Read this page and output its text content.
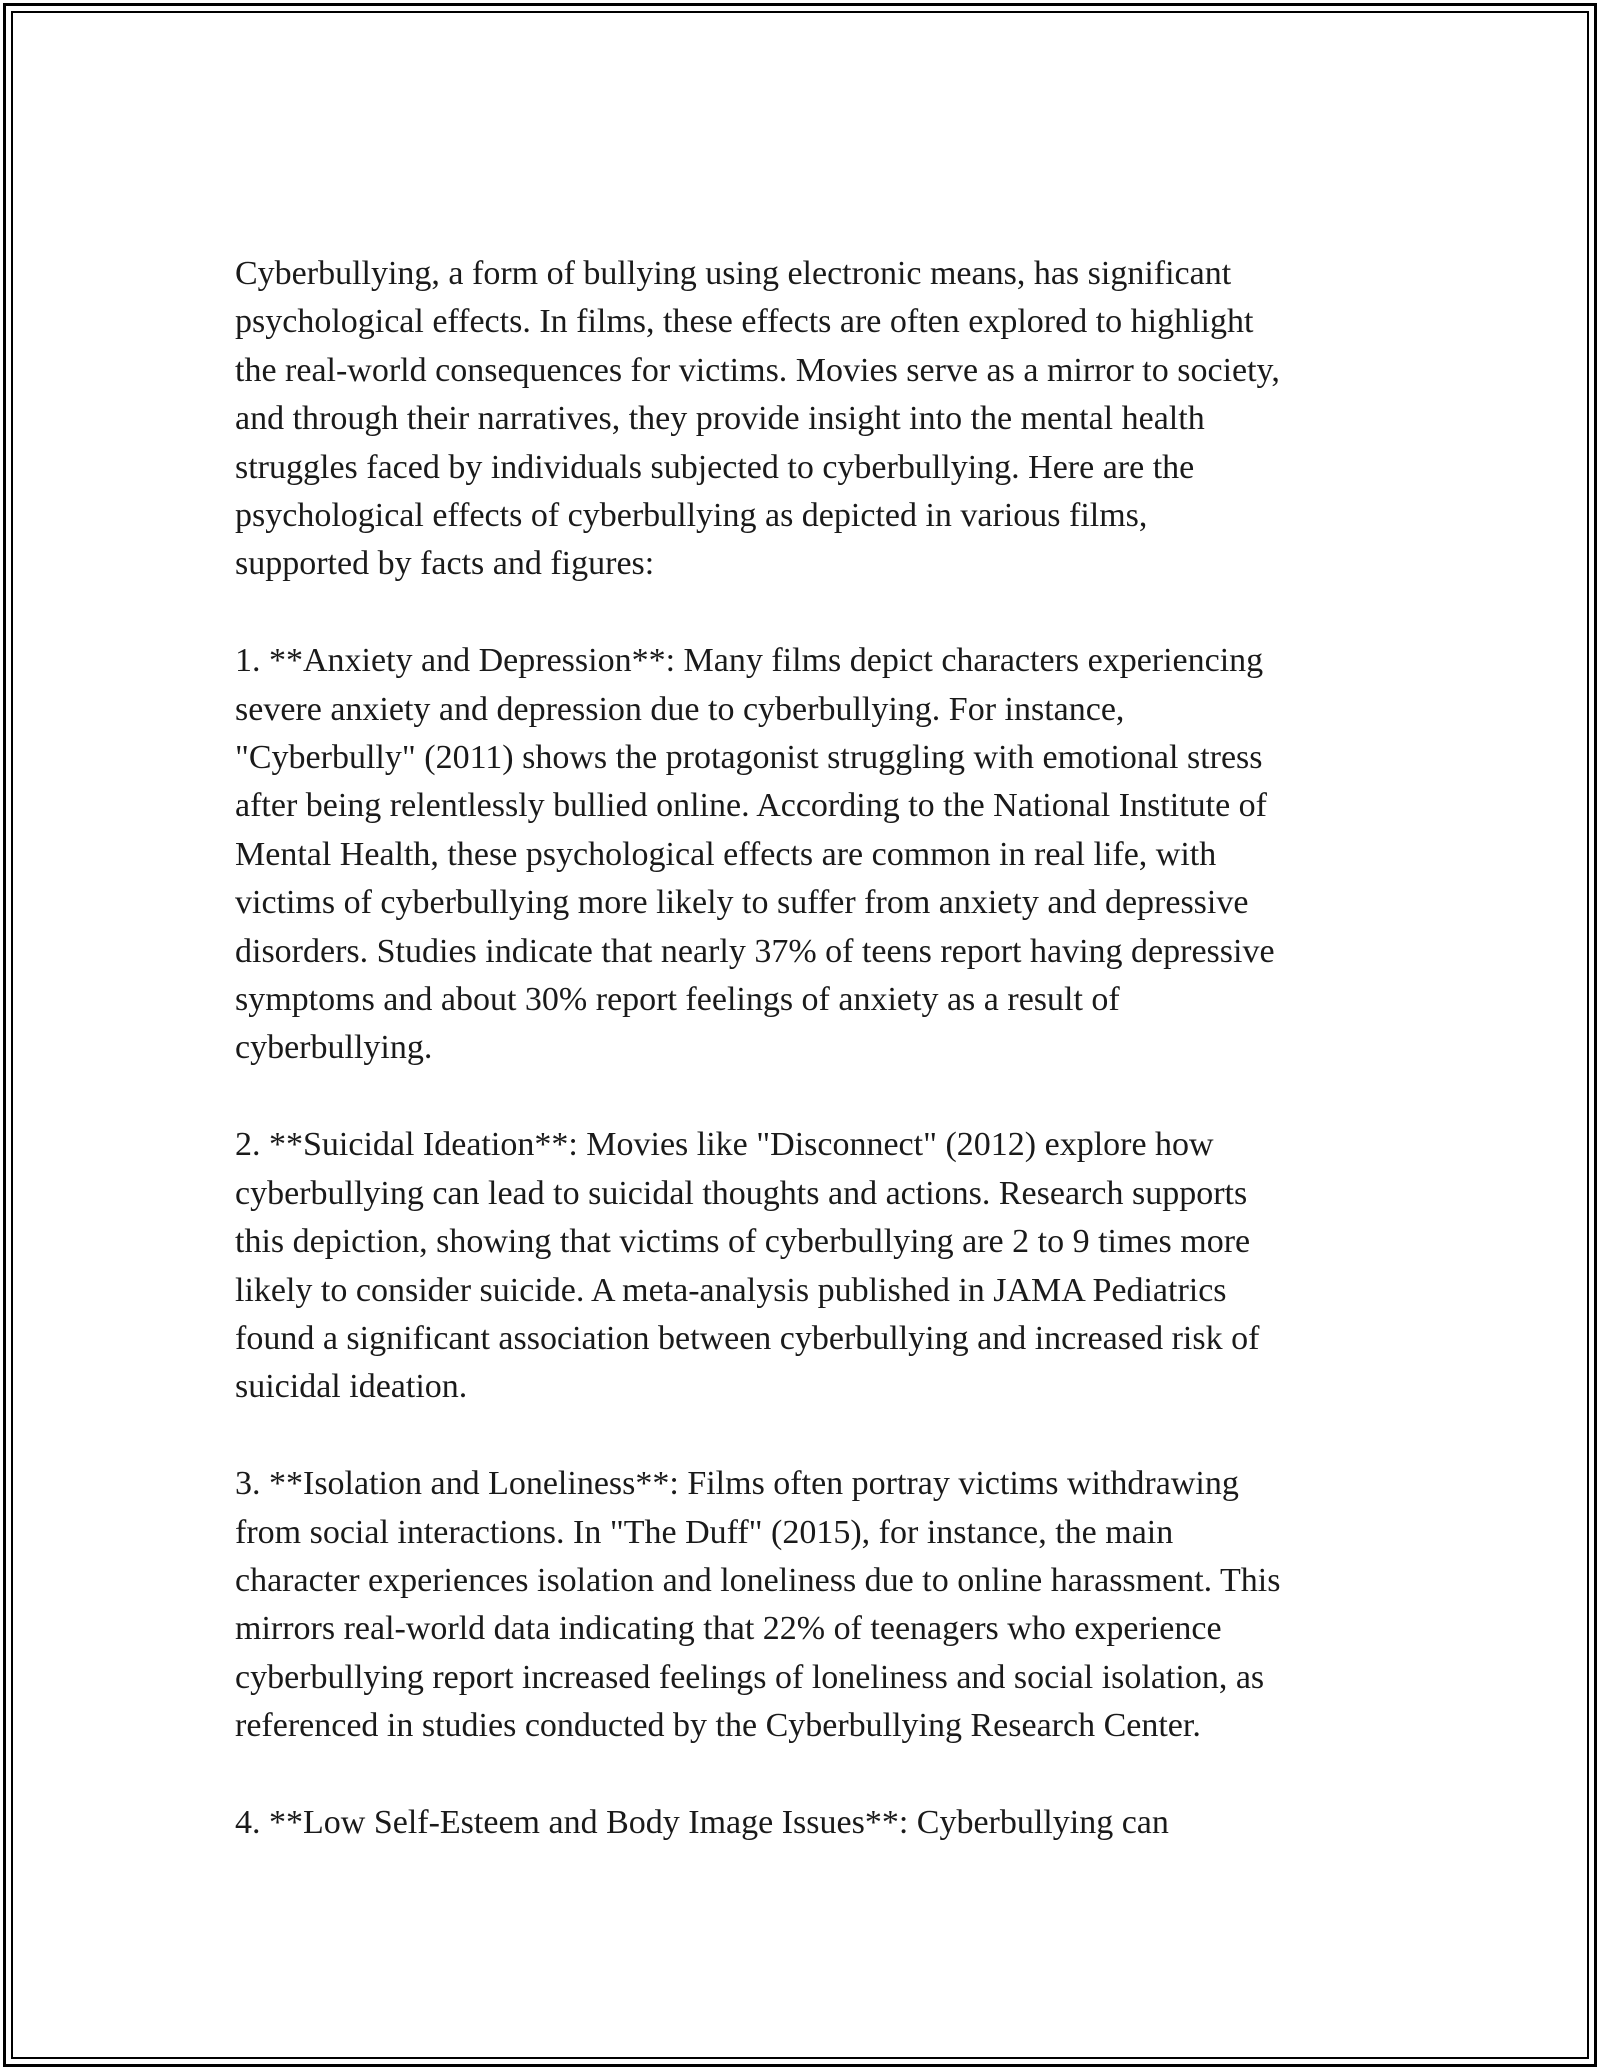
Cyberbullying, a form of bullying using electronic means, has significant
psychological effects. In films, these effects are often explored to highlight
the real-world consequences for victims. Movies serve as a mirror to society,
and through their narratives, they provide insight into the mental health
struggles faced by individuals subjected to cyberbullying. Here are the
psychological effects of cyberbullying as depicted in various films,
supported by facts and figures:

1. **Anxiety and Depression**: Many films depict characters experiencing
severe anxiety and depression due to cyberbullying. For instance,
"Cyberbully" (2011) shows the protagonist struggling with emotional stress
after being relentlessly bullied online. According to the National Institute of
Mental Health, these psychological effects are common in real life, with
victims of cyberbullying more likely to suffer from anxiety and depressive
disorders. Studies indicate that nearly 37% of teens report having depressive
symptoms and about 30% report feelings of anxiety as a result of
cyberbullying.

2. **Suicidal Ideation**: Movies like "Disconnect" (2012) explore how
cyberbullying can lead to suicidal thoughts and actions. Research supports
this depiction, showing that victims of cyberbullying are 2 to 9 times more
likely to consider suicide. A meta-analysis published in JAMA Pediatrics
found a significant association between cyberbullying and increased risk of
suicidal ideation.

3. **Isolation and Loneliness**: Films often portray victims withdrawing
from social interactions. In "The Duff" (2015), for instance, the main
character experiences isolation and loneliness due to online harassment. This
mirrors real-world data indicating that 22% of teenagers who experience
cyberbullying report increased feelings of loneliness and social isolation, as
referenced in studies conducted by the Cyberbullying Research Center.

4. **Low Self-Esteem and Body Image Issues**: Cyberbullying can
